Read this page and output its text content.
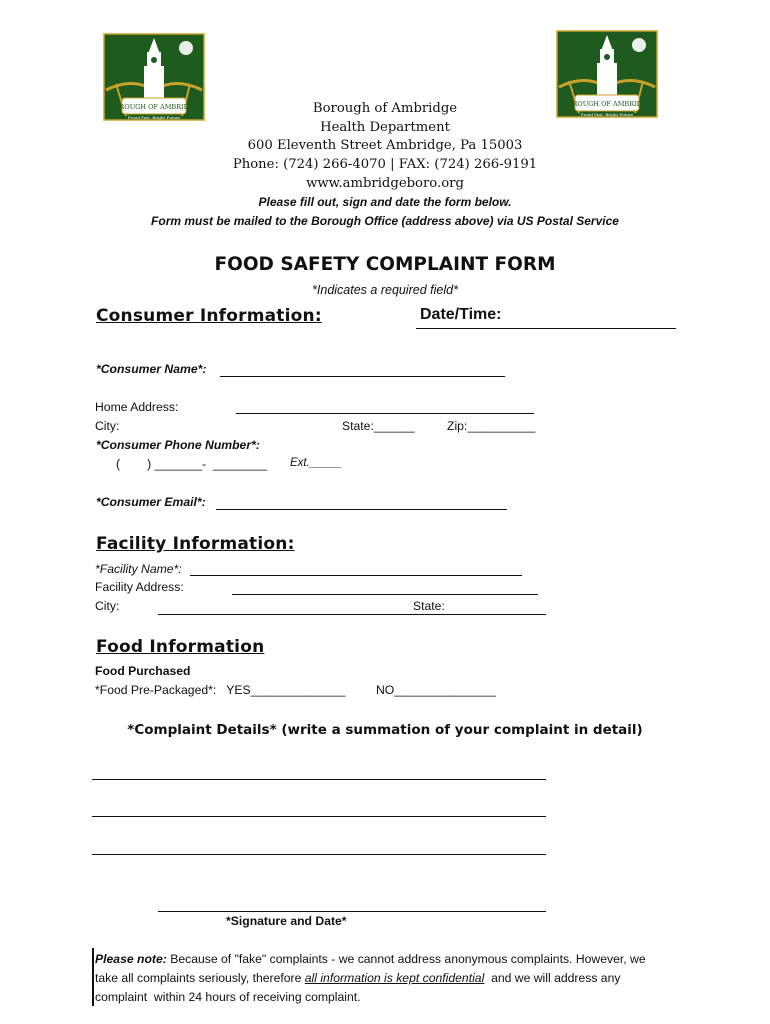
BOROUGH OF AMBRIDGE
Proud Past, Bright Future
BOROUGH OF AMBRIDGE
Proud Past, Bright Future
Borough of Ambridge
Health Department
600 Eleventh Street Ambridge, Pa 15003
Phone: (724) 266-4070 | FAX: (724) 266-9191
www.ambridgeboro.org
Please fill out, sign and date the form below.
Form must be mailed to the Borough Office (address above) via US Postal Service
FOOD SAFETY COMPLAINT FORM
*Indicates a required field*
Consumer Information:	Date/Time:
*Consumer Name*:
Home Address:
City:	State:______	Zip:__________
*Consumer Phone Number*:
(        ) _______-  ________ Ext._____
*Consumer Email*:
Facility Information:
*Facility Name*:
Facility Address:
City:	State:
Food Information
Food Purchased
*Food Pre-Packaged*:   YES______________	NO_______________
*Complaint Details* (write a summation of your complaint in detail)
*Signature and Date*
Please note: Because of "fake" complaints - we cannot address anonymous complaints. However, we
take all complaints seriously, therefore all information is kept confidential  and we will address any
complaint  within 24 hours of receiving complaint.
